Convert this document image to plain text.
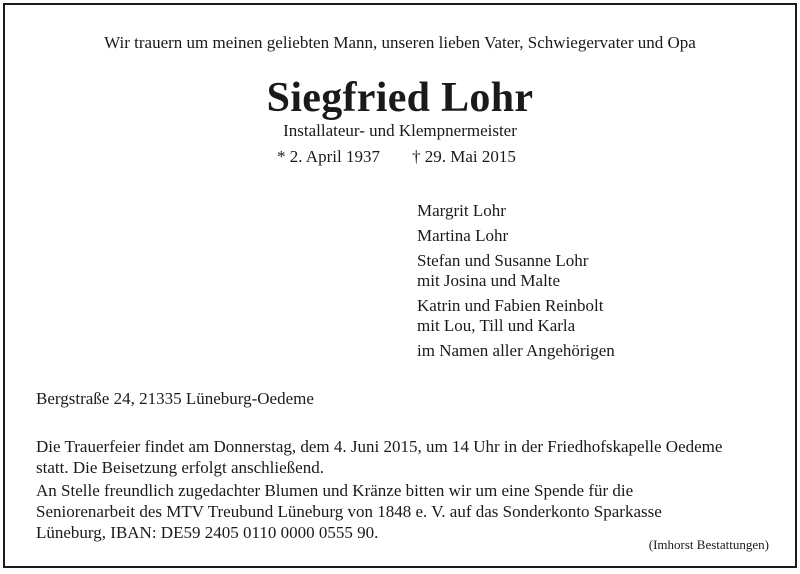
Wir trauern um meinen geliebten Mann, unseren lieben Vater, Schwiegervater und Opa
Siegfried Lohr
Installateur- und Klempnermeister
* 2. April 1937 † 29. Mai 2015
Margrit Lohr
Martina Lohr
Stefan und Susanne Lohr
mit Josina und Malte
Katrin und Fabien Reinbolt
mit Lou, Till und Karla
im Namen aller Angehörigen
Bergstraße 24, 21335 Lüneburg-Oedeme
Die Trauerfeier findet am Donnerstag, dem 4. Juni 2015, um 14 Uhr in der Friedhofskapelle Oedeme
statt. Die Beisetzung erfolgt anschließend.
An Stelle freundlich zugedachter Blumen und Kränze bitten wir um eine Spende für die
Seniorenarbeit des MTV Treubund Lüneburg von 1848 e. V. auf das Sonderkonto Sparkasse
Lüneburg, IBAN: DE59 2405 0110 0000 0555 90.
(Imhorst Bestattungen)
